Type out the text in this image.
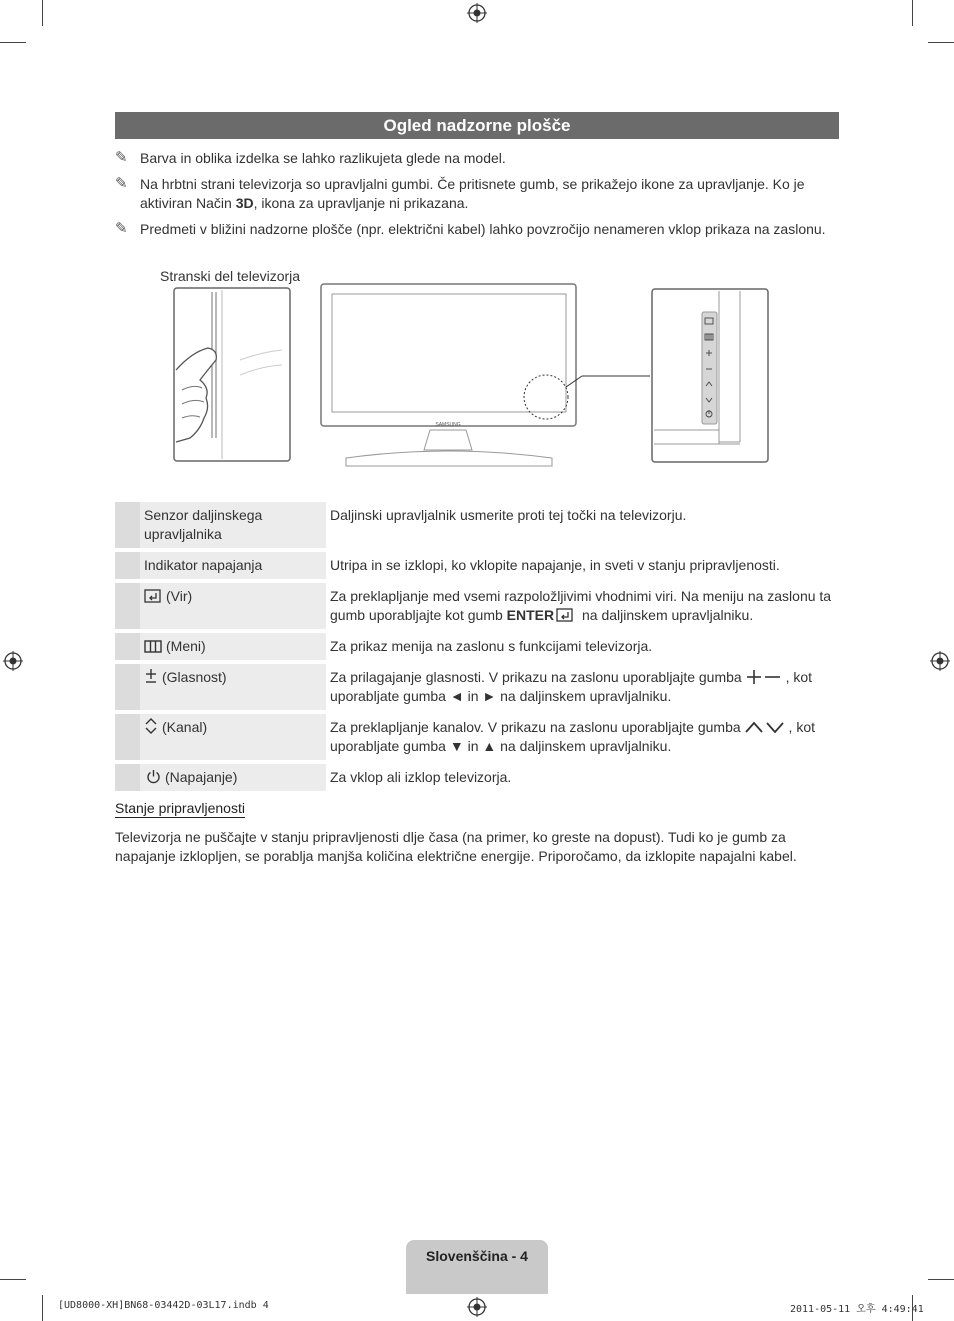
Ogled nadzorne plošče
✎ Barva in oblika izdelka se lahko razlikujeta glede na model.
✎ Na hrbtni strani televizorja so upravljalni gumbi. Če pritisnete gumb, se prikažejo ikone za upravljanje. Ko je
aktiviran Način 3D, ikona za upravljanje ni prikazana.
✎ Predmeti v bližini nadzorne plošče (npr. električni kabel) lahko povzročijo nenameren vklop prikaza na zaslonu.
Stranski del televizorja
SAMSUNG
	Senzor daljinskega upravljalnika	Daljinski upravljalnik usmerite proti tej točki na televizorju.
	Indikator napajanja	Utripa in se izklopi, ko vklopite napajanje, in sveti v stanju pripravljenosti.
	(Vir)	Za preklapljanje med vsemi razpoložljivimi vhodnimi viri. Na meniju na zaslonu ta gumb uporabljajte kot gumb ENTER na daljinskem upravljalniku.
	(Meni)	Za prikaz menija na zaslonu s funkcijami televizorja.
	(Glasnost)	Za prilagajanje glasnosti. V prikazu na zaslonu uporabljajte gumba , kot uporabljate gumba ◄ in ► na daljinskem upravljalniku.
	(Kanal)	Za preklapljanje kanalov. V prikazu na zaslonu uporabljajte gumba , kot uporabljate gumba ▼ in ▲ na daljinskem upravljalniku.
	(Napajanje)	Za vklop ali izklop televizorja.
Stanje pripravljenosti
Televizorja ne puščajte v stanju pripravljenosti dlje časa (na primer, ko greste na dopust). Tudi ko je gumb za napajanje izklopljen, se porablja manjša količina električne energije. Priporočamo, da izklopite napajalni kabel.
Slovenščina - 4
[UD8000-XH]BN68-03442D-03L17.indb 4	2011-05-11 오후 4:49:41
